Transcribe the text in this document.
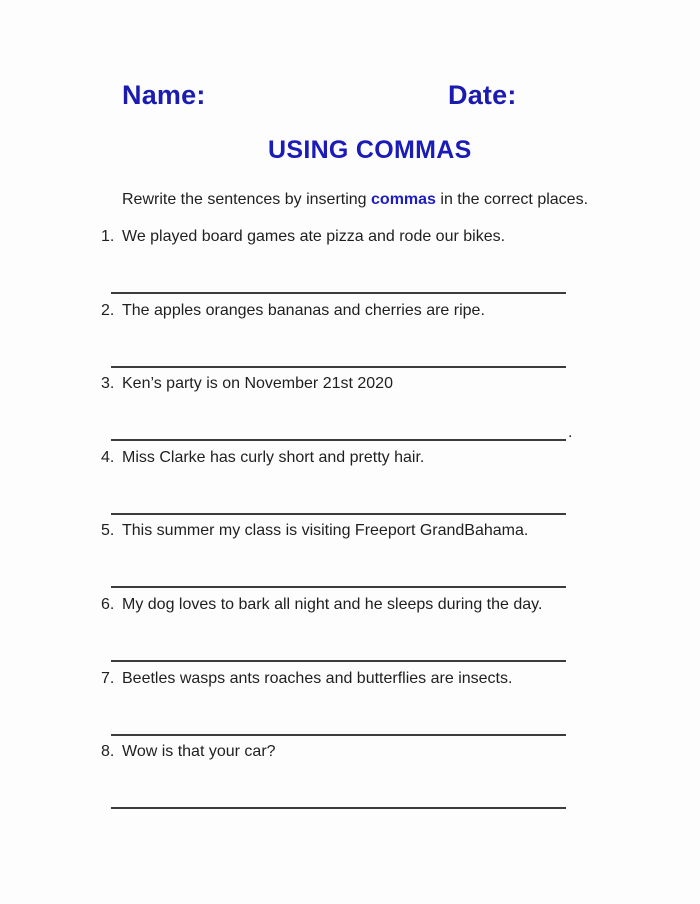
Name:	Date:
USING COMMAS

Rewrite the sentences by inserting commas in the correct places.

1. We played board games ate pizza and rode our bikes.
2. The apples oranges bananas and cherries are ripe.
3. Ken’s party is on November 21st 2020
.
4. Miss Clarke has curly short and pretty hair.
5. This summer my class is visiting Freeport GrandBahama.
6. My dog loves to bark all night and he sleeps during the day.
7. Beetles wasps ants roaches and butterflies are insects.
8. Wow is that your car?
